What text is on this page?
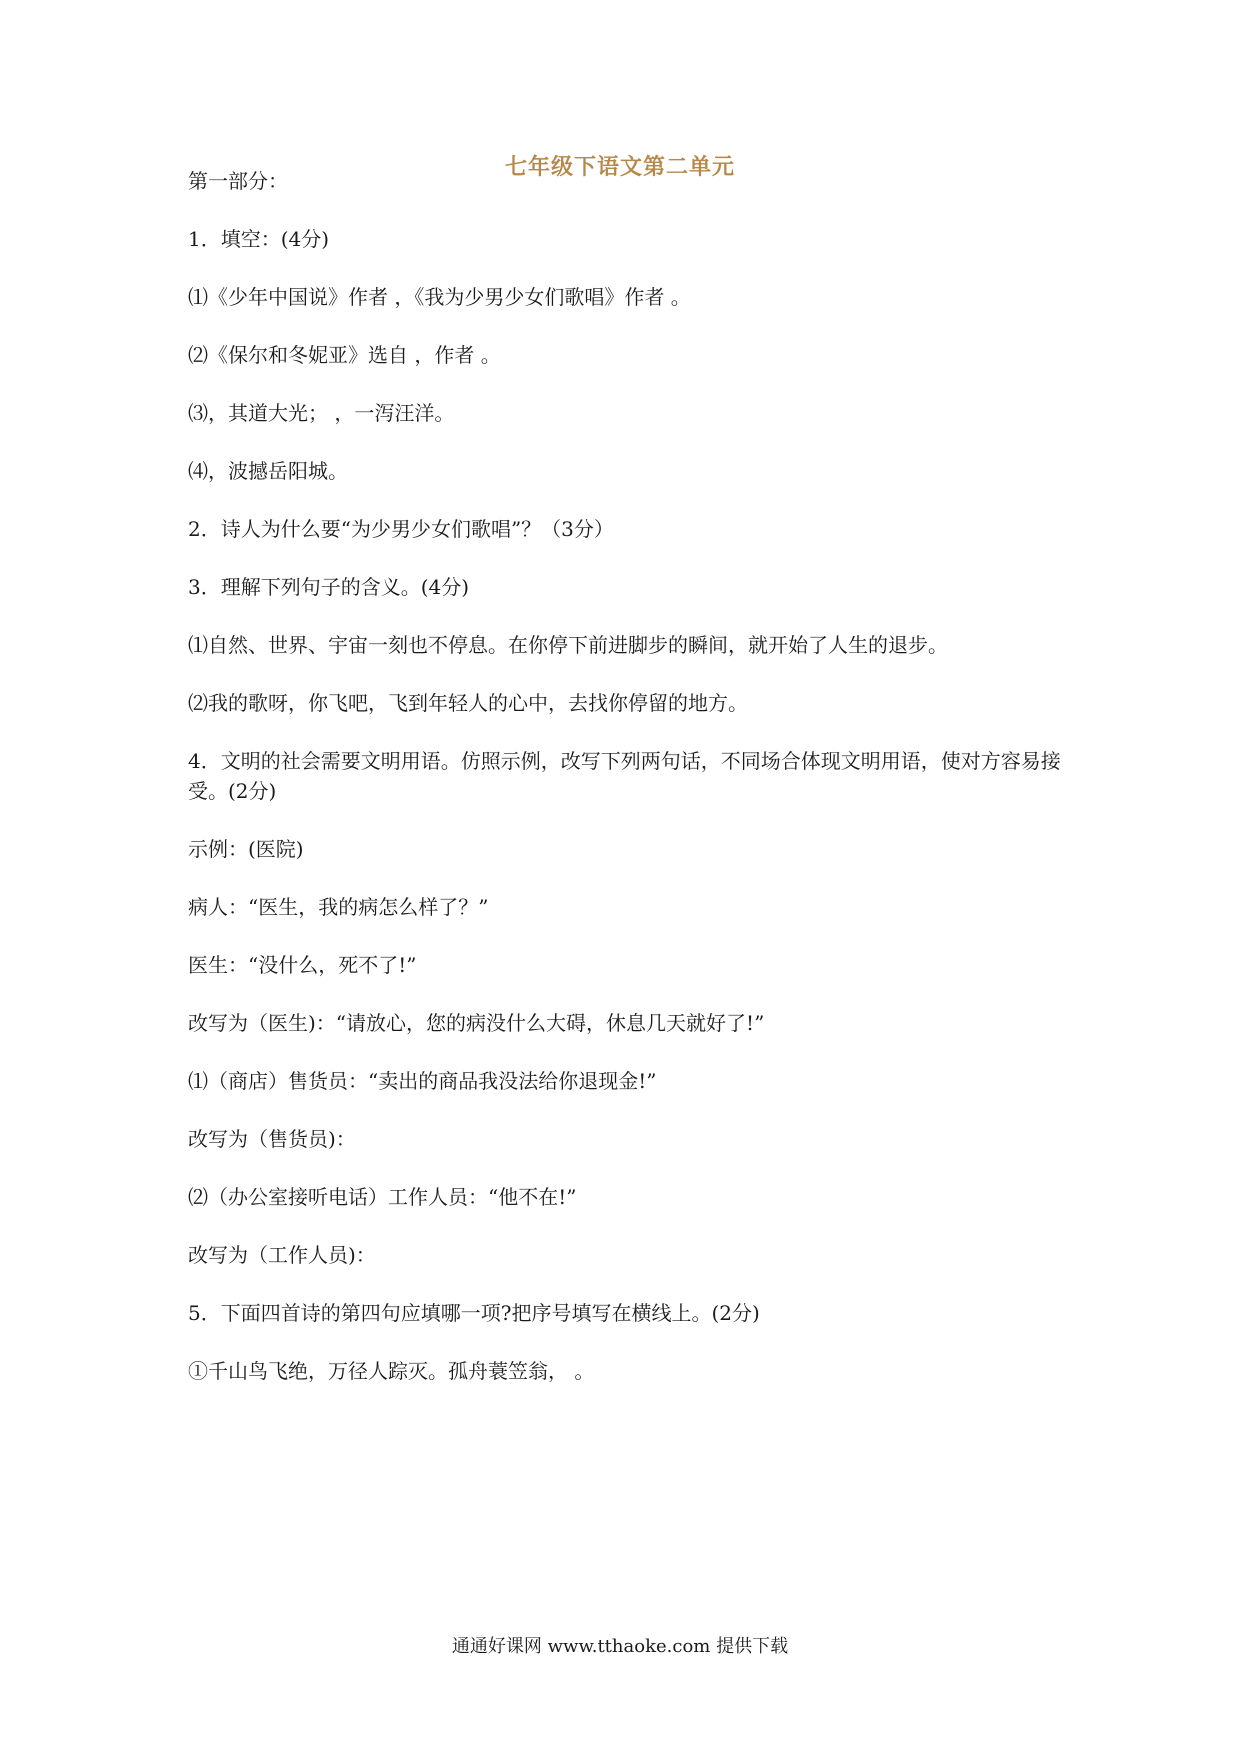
七年级下语文第二单元

第一部分：

1．填空：(4分)

⑴《少年中国说》作者 ，《我为少男少女们歌唱》作者 。

⑵《保尔和冬妮亚》选自 ，作者 。

⑶，其道大光； ，一泻汪洋。

⑷，波撼岳阳城。

2．诗人为什么要“为少男少女们歌唱”？（3分）

3．理解下列句子的含义。(4分)

⑴自然、世界、宇宙一刻也不停息。在你停下前进脚步的瞬间，就开始了人生的退步。

⑵我的歌呀，你飞吧，飞到年轻人的心中，去找你停留的地方。

4．文明的社会需要文明用语。仿照示例，改写下列两句话，不同场合体现文明用语，使对方容易接受。(2分)

示例：(医院)

病人：“医生，我的病怎么样了？”

医生：“没什么，死不了!”

改写为（医生)：“请放心，您的病没什么大碍，休息几天就好了!”

⑴（商店）售货员：“卖出的商品我没法给你退现金!”

改写为（售货员)：

⑵（办公室接听电话）工作人员：“他不在!”

改写为（工作人员)：

5．下面四首诗的第四句应填哪一项?把序号填写在横线上。(2分)

①千山鸟飞绝，万径人踪灭。孤舟蓑笠翁， 。

通通好课网 www.tthaoke.com 提供下载
